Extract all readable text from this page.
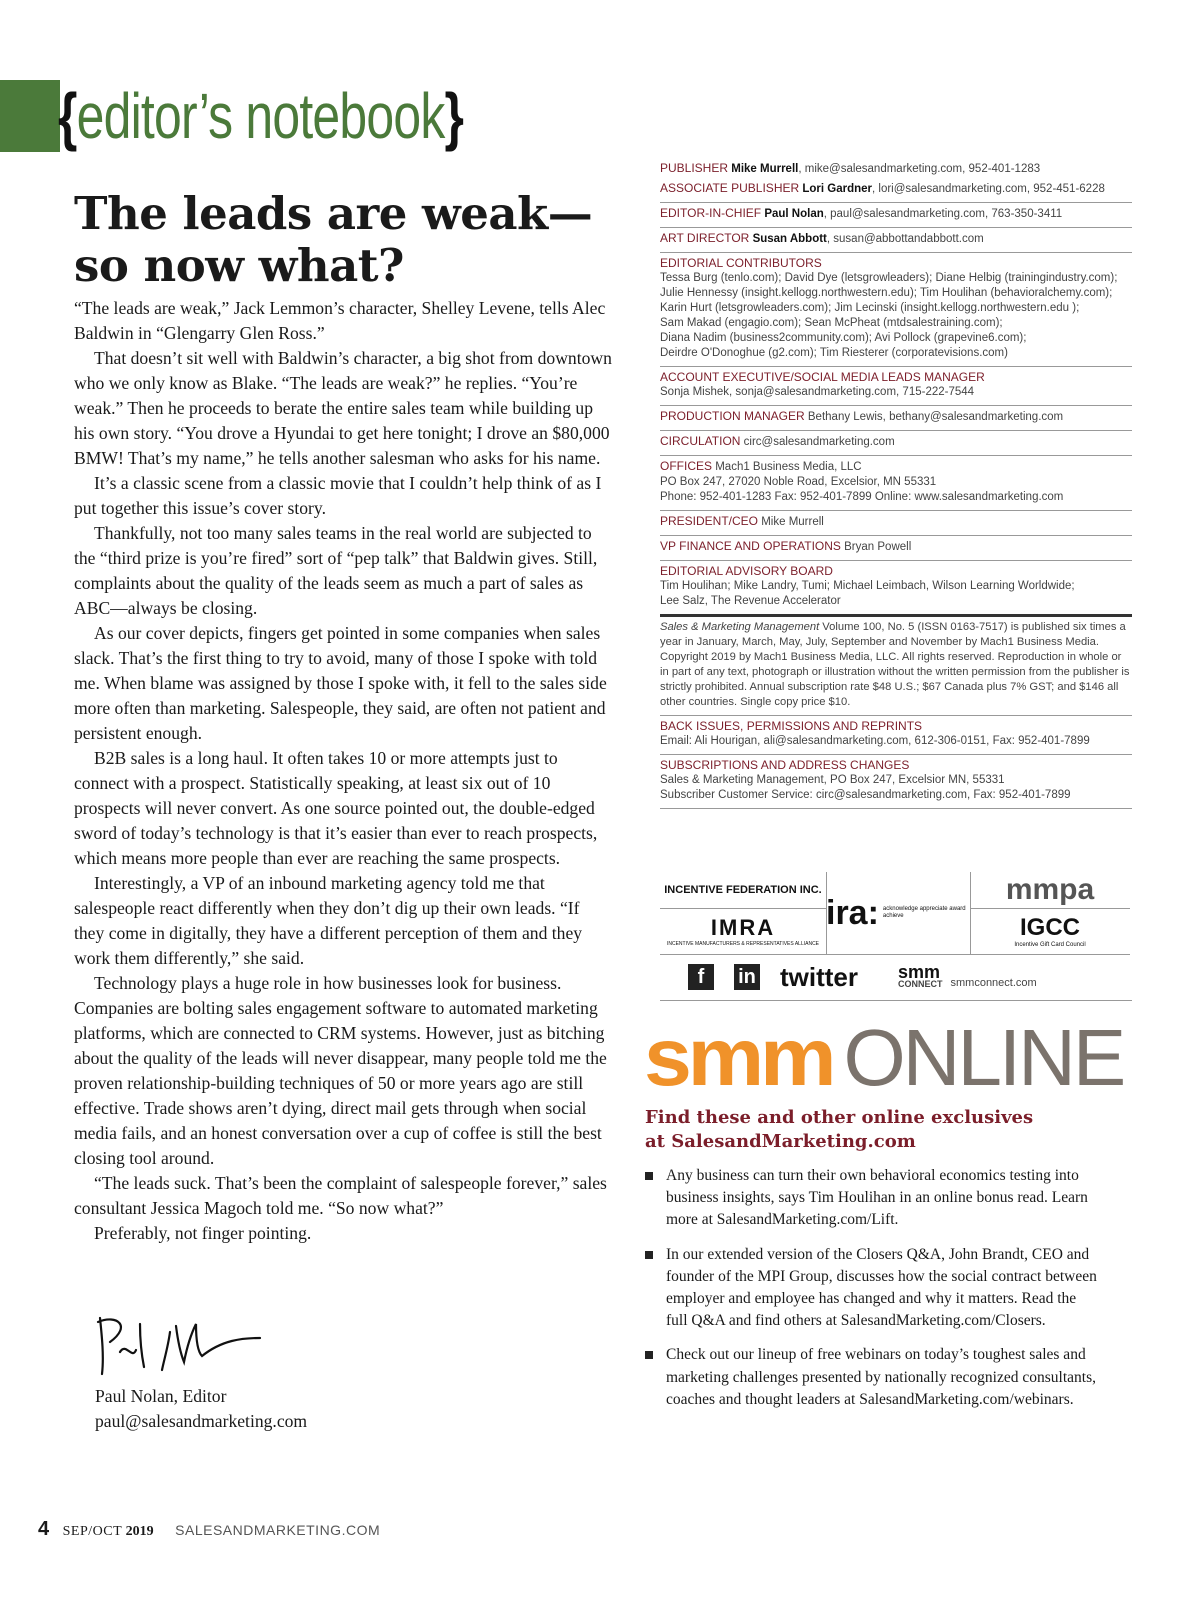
{editor’s notebook}
The leads are weak—
so now what?

“The leads are weak,” Jack Lemmon’s character, Shelley Levene, tells Alec Baldwin in “Glengarry Glen Ross.”

That doesn’t sit well with Baldwin’s character, a big shot from downtown who we only know as Blake. “The leads are weak?” he replies. “You’re weak.” Then he proceeds to berate the entire sales team while building up his own story. “You drove a Hyundai to get here tonight; I drove an $80,000 BMW! That’s my name,” he tells another salesman who asks for his name.

It’s a classic scene from a classic movie that I couldn’t help think of as I put together this issue’s cover story.

Thankfully, not too many sales teams in the real world are subjected to the “third prize is you’re fired” sort of “pep talk” that Baldwin gives. Still, complaints about the quality of the leads seem as much a part of sales as ABC—always be closing.

As our cover depicts, fingers get pointed in some companies when sales slack. That’s the first thing to try to avoid, many of those I spoke with told me. When blame was assigned by those I spoke with, it fell to the sales side more often than marketing. Salespeople, they said, are often not patient and persistent enough.

B2B sales is a long haul. It often takes 10 or more attempts just to connect with a prospect. Statistically speaking, at least six out of 10 prospects will never convert. As one source pointed out, the double-edged sword of today’s technology is that it’s easier than ever to reach prospects, which means more people than ever are reaching the same prospects.

Interestingly, a VP of an inbound marketing agency told me that salespeople react differently when they don’t dig up their own leads. “If they come in digitally, they have a different perception of them and they work them differently,” she said.

Technology plays a huge role in how businesses look for business. Companies are bolting sales engagement software to automated marketing platforms, which are connected to CRM systems. However, just as bitching about the quality of the leads will never disappear, many people told me the proven relationship-building techniques of 50 or more years ago are still effective. Trade shows aren’t dying, direct mail gets through when social media fails, and an honest conversation over a cup of coffee is still the best closing tool around.

“The leads suck. That’s been the complaint of salespeople forever,” sales consultant Jessica Magoch told me. “So now what?”

Preferably, not finger pointing.

Paul Nolan, Editor
paul@salesandmarketing.com
4 SEP/OCT 2019 SALESANDMARKETING.COM
PUBLISHER Mike Murrell, mike@salesandmarketing.com, 952-401-1283
ASSOCIATE PUBLISHER Lori Gardner, lori@salesandmarketing.com, 952-451-6228
EDITOR-IN-CHIEF Paul Nolan, paul@salesandmarketing.com, 763-350-3411
ART DIRECTOR Susan Abbott, susan@abbottandabbott.com
EDITORIAL CONTRIBUTORS
Tessa Burg (tenlo.com); David Dye (letsgrowleaders); Diane Helbig (trainingindustry.com);
Julie Hennessy (insight.kellogg.northwestern.edu); Tim Houlihan (behavioralchemy.com);
Karin Hurt (letsgrowleaders.com); Jim Lecinski (insight.kellogg.northwestern.edu );
Sam Makad (engagio.com); Sean McPheat (mtdsalestraining.com);
Diana Nadim (business2community.com); Avi Pollock (grapevine6.com);
Deirdre O'Donoghue (g2.com); Tim Riesterer (corporatevisions.com)
ACCOUNT EXECUTIVE/SOCIAL MEDIA LEADS MANAGER
Sonja Mishek, sonja@salesandmarketing.com, 715-222-7544
PRODUCTION MANAGER Bethany Lewis, bethany@salesandmarketing.com
CIRCULATION circ@salesandmarketing.com
OFFICES Mach1 Business Media, LLC
PO Box 247, 27020 Noble Road, Excelsior, MN 55331
Phone: 952-401-1283 Fax: 952-401-7899 Online: www.salesandmarketing.com
PRESIDENT/CEO Mike Murrell
VP FINANCE AND OPERATIONS Bryan Powell
EDITORIAL ADVISORY BOARD
Tim Houlihan; Mike Landry, Tumi; Michael Leimbach, Wilson Learning Worldwide;
Lee Salz, The Revenue Accelerator
Sales & Marketing Management Volume 100, No. 5 (ISSN 0163-7517) is published six times a year in January, March, May, July, September and November by Mach1 Business Media. Copyright 2019 by Mach1 Business Media, LLC. All rights reserved. Reproduction in whole or in part of any text, photograph or illustration without the written permission from the publisher is strictly prohibited. Annual subscription rate $48 U.S.; $67 Canada plus 7% GST; and $146 all other countries. Single copy price $10.
BACK ISSUES, PERMISSIONS AND REPRINTS
Email: Ali Hourigan, ali@salesandmarketing.com, 612-306-0151, Fax: 952-401-7899
SUBSCRIPTIONS AND ADDRESS CHANGES
Sales & Marketing Management, PO Box 247, Excelsior MN, 55331
Subscriber Customer Service: circ@salesandmarketing.com, Fax: 952-401-7899
INCENTIVE FEDERATION INC.
IMRA
INCENTIVE MANUFACTURERS & REPRESENTATIVES ALLIANCE
ira: acknowledge appreciate award achieve
mmpa
IGCC
Incentive Gift Card Council
f	in twitter smm
CONNECT smmconnect.com
smm ONLINE
Find these and other online exclusives
at SalesandMarketing.com
Any business can turn their own behavioral economics testing into business insights, says Tim Houlihan in an online bonus read. Learn more at SalesandMarketing.com/Lift.
In our extended version of the Closers Q&A, John Brandt, CEO and founder of the MPI Group, discusses how the social contract between employer and employee has changed and why it matters. Read the full Q&A and find others at SalesandMarketing.com/Closers.
Check out our lineup of free webinars on today’s toughest sales and marketing challenges presented by nationally recognized consultants, coaches and thought leaders at SalesandMarketing.com/webinars.
